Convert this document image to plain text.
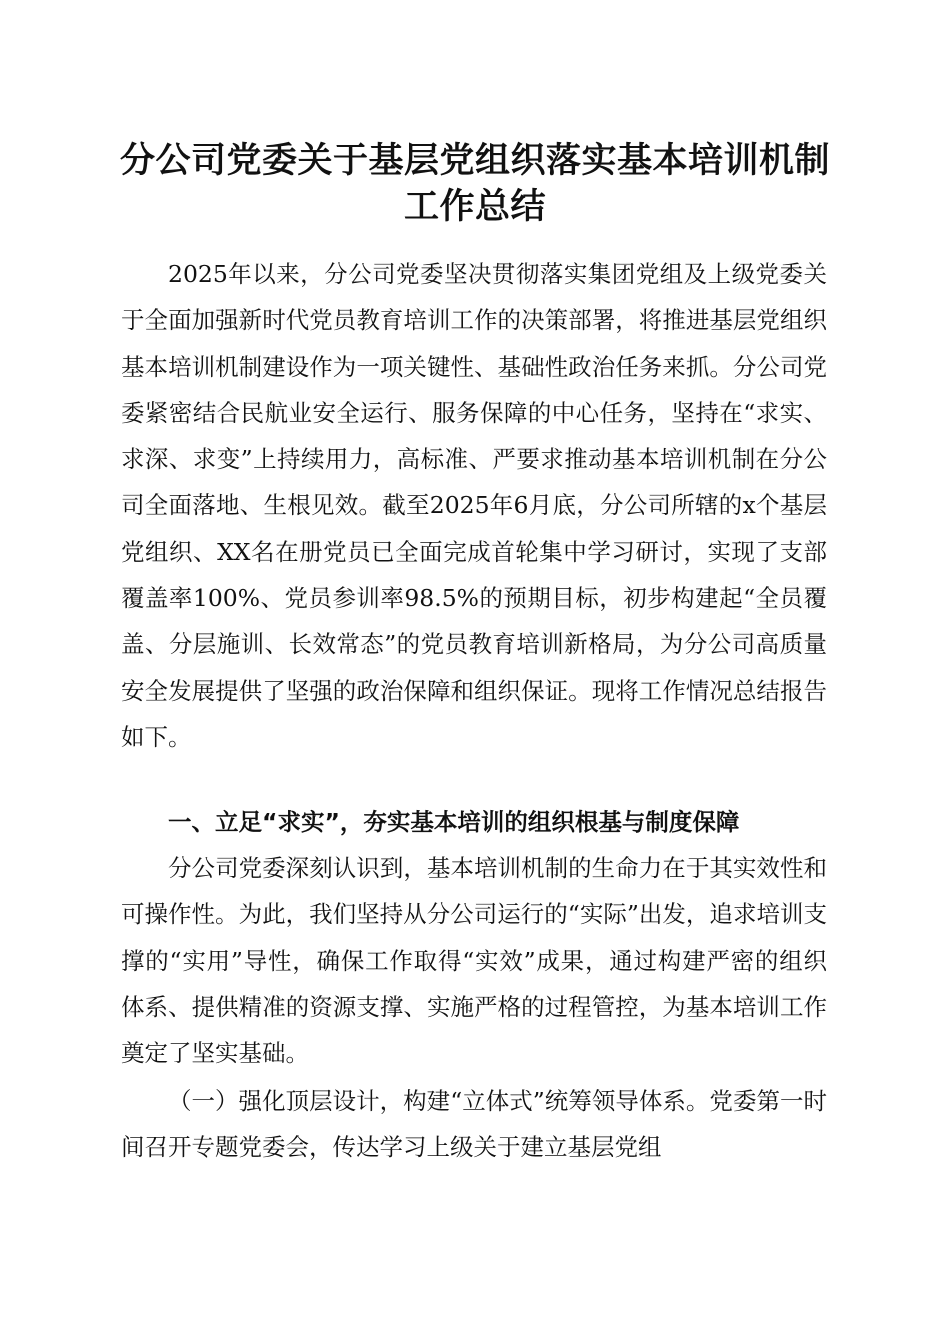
分公司党委关于基层党组织落实基本培训机制
工作总结

2025年以来，分公司党委坚决贯彻落实集团党组及上级党委关于全面加强新时代党员教育培训工作的决策部署，将推进基层党组织基本培训机制建设作为一项关键性、基础性政治任务来抓。分公司党委紧密结合民航业安全运行、服务保障的中心任务，坚持在“求实、求深、求变”上持续用力，高标准、严要求推动基本培训机制在分公司全面落地、生根见效。截至2025年6月底，分公司所辖的x个基层党组织、XX名在册党员已全面完成首轮集中学习研讨，实现了支部覆盖率100%、党员参训率98.5%的预期目标，初步构建起“全员覆盖、分层施训、长效常态”的党员教育培训新格局，为分公司高质量安全发展提供了坚强的政治保障和组织保证。现将工作情况总结报告如下。

一、立足“求实”，夯实基本培训的组织根基与制度保障

分公司党委深刻认识到，基本培训机制的生命力在于其实效性和可操作性。为此，我们坚持从分公司运行的“实际”出发，追求培训支撑的“实用”导性，确保工作取得“实效”成果，通过构建严密的组织体系、提供精准的资源支撑、实施严格的过程管控，为基本培训工作奠定了坚实基础。

（一）强化顶层设计，构建“立体式”统筹领导体系。党委第一时间召开专题党委会，传达学习上级关于建立基层党组
